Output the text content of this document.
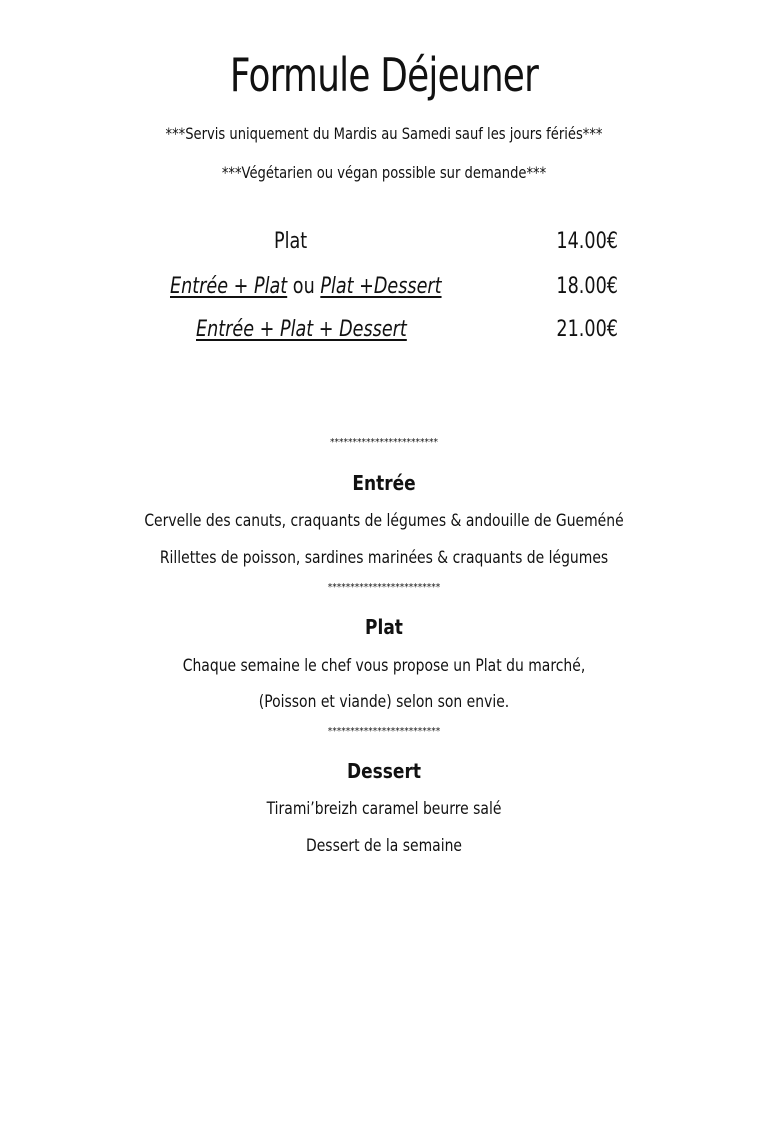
Formule Déjeuner
***Servis uniquement du Mardis au Samedi sauf les jours fériés***
***Végétarien ou végan possible sur demande***
Plat	14.00€
Entrée + Plat ou Plat +Dessert	18.00€
Entrée + Plat + Dessert	21.00€
************************
Entrée
Cervelle des canuts, craquants de légumes & andouille de Gueméné
Rillettes de poisson, sardines marinées & craquants de légumes
*************************
Plat
Chaque semaine le chef vous propose un Plat du marché,
(Poisson et viande) selon son envie.
*************************
Dessert
Tirami’breizh caramel beurre salé
Dessert de la semaine
